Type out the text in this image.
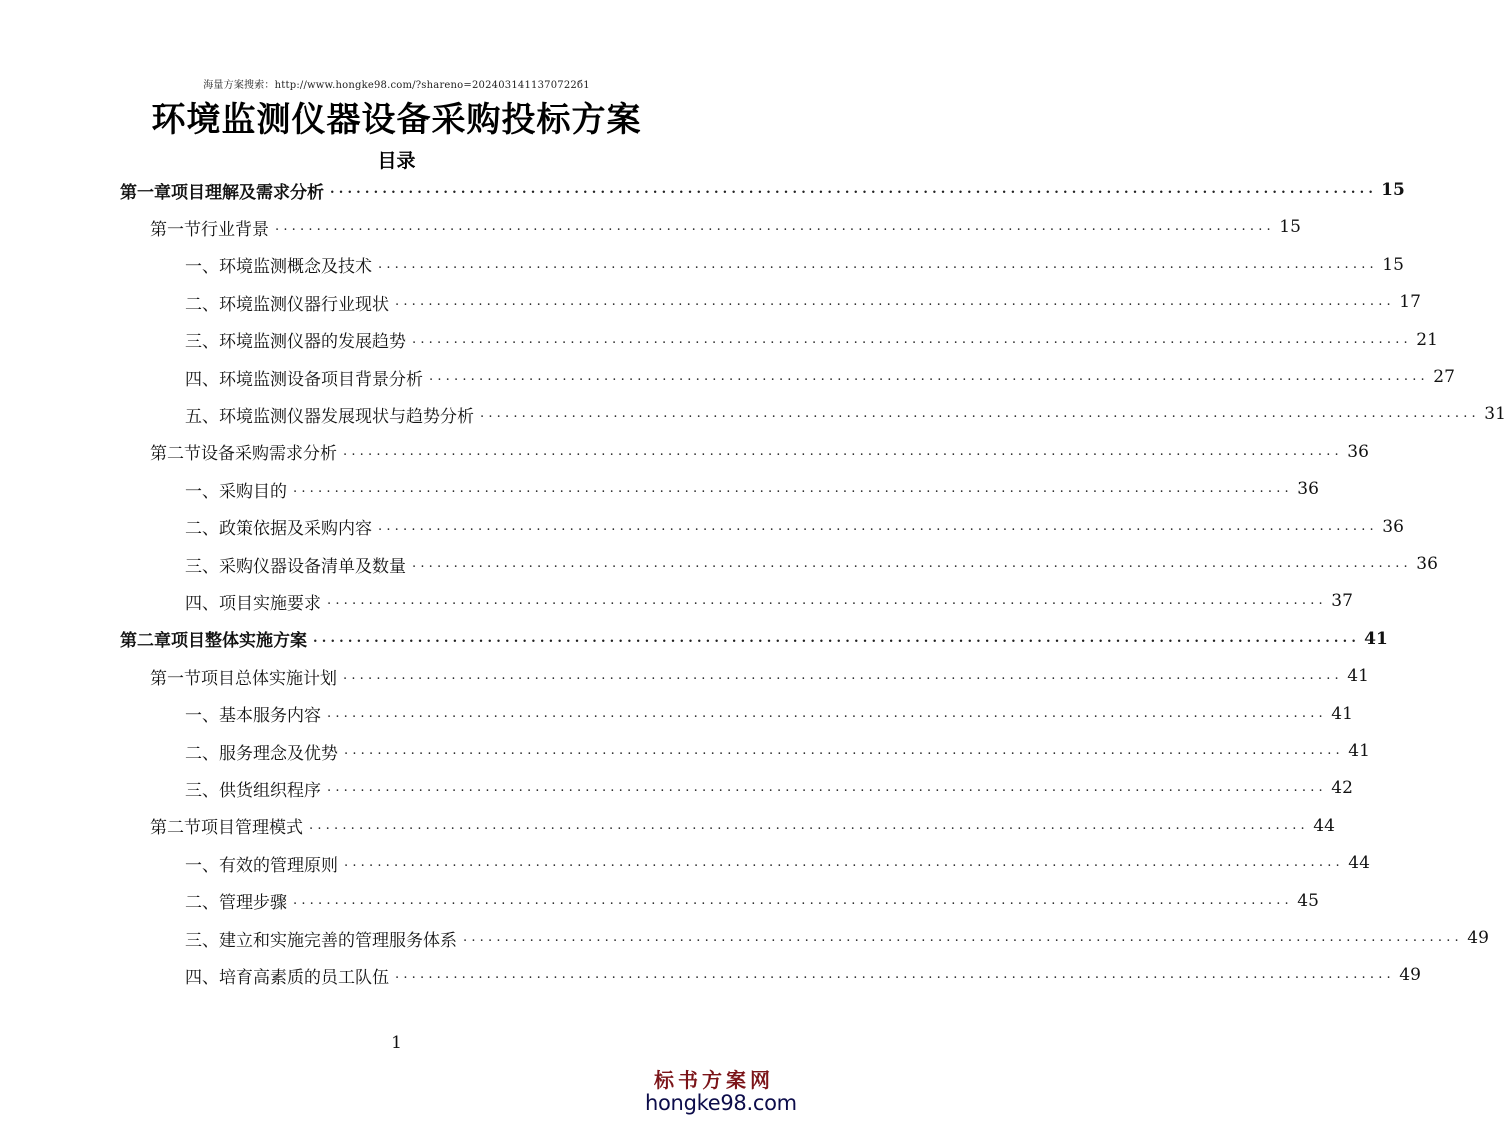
海量方案搜索：http://www.hongke98.com/?shareno=2024031411370722б1
环境监测仪器设备采购投标方案
目录
第一章 项目理解及需求分析 ........................................................................................................................ 15
第一节 行业背景 ........................................................................................................................ 15
一、 环境监测概念及技术 ........................................................................................................................ 15
二、 环境监测仪器行业现状 ........................................................................................................................ 17
三、 环境监测仪器的发展趋势 ........................................................................................................................ 21
四、 环境监测设备项目背景分析 ........................................................................................................................ 27
五、 环境监测仪器发展现状与趋势分析 ........................................................................................................................ 31
第二节 设备采购需求分析 ........................................................................................................................ 36
一、 采购目的 ........................................................................................................................ 36
二、 政策依据及采购内容 ........................................................................................................................ 36
三、 采购仪器设备清单及数量 ........................................................................................................................ 36
四、 项目实施要求 ........................................................................................................................ 37
第二章 项目整体实施方案 ........................................................................................................................ 41
第一节 项目总体实施计划 ........................................................................................................................ 41
一、 基本服务内容 ........................................................................................................................ 41
二、 服务理念及优势 ........................................................................................................................ 41
三、 供货组织程序 ........................................................................................................................ 42
第二节 项目管理模式 ........................................................................................................................ 44
一、 有效的管理原则 ........................................................................................................................ 44
二、 管理步骤 ........................................................................................................................ 45
三、 建立和实施完善的管理服务体系 ........................................................................................................................ 49
四、 培育高素质的员工队伍 ........................................................................................................................ 49
1
标书方案网
hongke98.com
